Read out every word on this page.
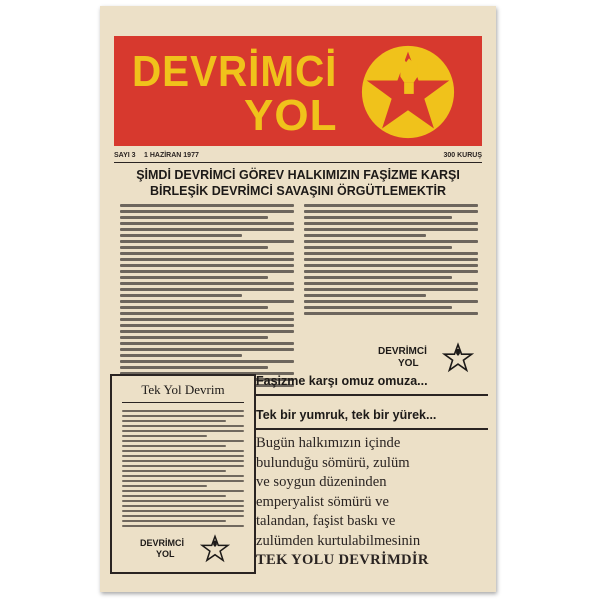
DEVRİMCİ
YOL
SAYI 3 1 HAZİRAN 1977	300 KURUŞ
ŞİMDİ DEVRİMCİ GÖREV HALKIMIZIN FAŞİZME KARŞI
BİRLEŞİK DEVRİMCİ SAVAŞINI ÖRGÜTLEMEKTİR
DEVRİMCİ
YOL
Tek Yol Devrim
DEVRİMCİ
YOL
Faşizme karşı omuz omuza...
Tek bir yumruk, tek bir yürek...
Bugün halkımızın içinde
bulunduğu sömürü, zulüm
ve soygun düzeninden
emperyalist sömürü ve
talandan, faşist baskı ve
zulümden kurtulabilmesinin
TEK YOLU DEVRİMDİR
